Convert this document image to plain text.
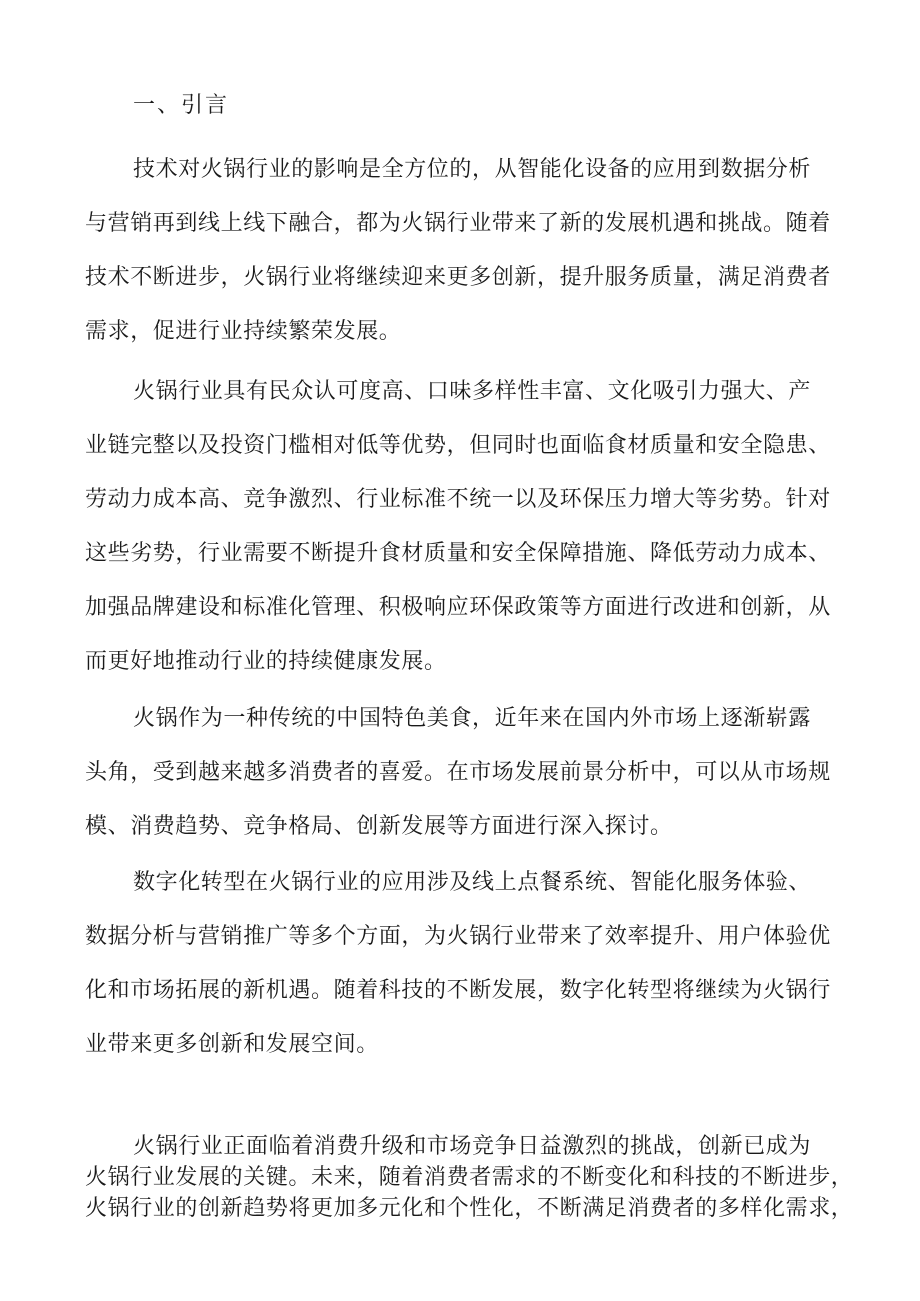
一、引言
技术对火锅行业的影响是全方位的，从智能化设备的应用到数据分析
与营销再到线上线下融合，都为火锅行业带来了新的发展机遇和挑战。随着
技术不断进步，火锅行业将继续迎来更多创新，提升服务质量，满足消费者
需求，促进行业持续繁荣发展。
火锅行业具有民众认可度高、口味多样性丰富、文化吸引力强大、产
业链完整以及投资门槛相对低等优势，但同时也面临食材质量和安全隐患、
劳动力成本高、竞争激烈、行业标准不统一以及环保压力增大等劣势。针对
这些劣势，行业需要不断提升食材质量和安全保障措施、降低劳动力成本、
加强品牌建设和标准化管理、积极响应环保政策等方面进行改进和创新，从
而更好地推动行业的持续健康发展。
火锅作为一种传统的中国特色美食，近年来在国内外市场上逐渐崭露
头角，受到越来越多消费者的喜爱。在市场发展前景分析中，可以从市场规
模、消费趋势、竞争格局、创新发展等方面进行深入探讨。
数字化转型在火锅行业的应用涉及线上点餐系统、智能化服务体验、
数据分析与营销推广等多个方面，为火锅行业带来了效率提升、用户体验优
化和市场拓展的新机遇。随着科技的不断发展，数字化转型将继续为火锅行
业带来更多创新和发展空间。
火锅行业正面临着消费升级和市场竞争日益激烈的挑战，创新已成为
火锅行业发展的关键。未来，随着消费者需求的不断变化和科技的不断进步，
火锅行业的创新趋势将更加多元化和个性化，不断满足消费者的多样化需求，
